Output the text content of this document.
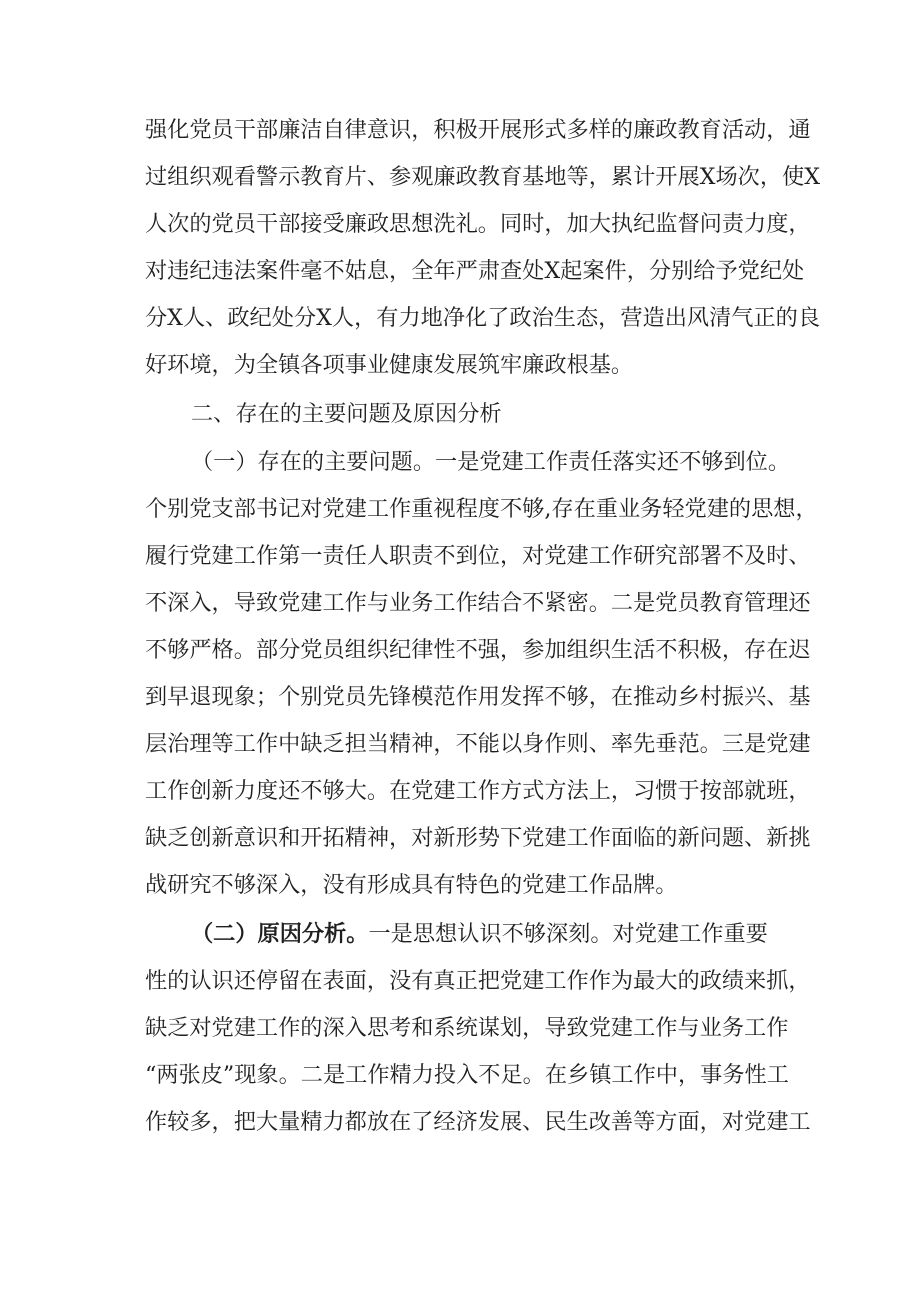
强化党员干部廉洁自律意识，积极开展形式多样的廉政教育活动，通
过组织观看警示教育片、参观廉政教育基地等，累计开展X场次，使X
人次的党员干部接受廉政思想洗礼。同时，加大执纪监督问责力度，
对违纪违法案件毫不姑息，全年严肃查处X起案件，分别给予党纪处
分X人、政纪处分X人，有力地净化了政治生态，营造出风清气正的良
好环境，为全镇各项事业健康发展筑牢廉政根基。
二、存在的主要问题及原因分析
（一）存在的主要问题。一是党建工作责任落实还不够到位。
个别党支部书记对党建工作重视程度不够,存在重业务轻党建的思想，
履行党建工作第一责任人职责不到位，对党建工作研究部署不及时、
不深入，导致党建工作与业务工作结合不紧密。二是党员教育管理还
不够严格。部分党员组织纪律性不强，参加组织生活不积极，存在迟
到早退现象；个别党员先锋模范作用发挥不够，在推动乡村振兴、基
层治理等工作中缺乏担当精神，不能以身作则、率先垂范。三是党建
工作创新力度还不够大。在党建工作方式方法上，习惯于按部就班，
缺乏创新意识和开拓精神，对新形势下党建工作面临的新问题、新挑
战研究不够深入，没有形成具有特色的党建工作品牌。
（二）原因分析。一是思想认识不够深刻。对党建工作重要
性的认识还停留在表面，没有真正把党建工作作为最大的政绩来抓，
缺乏对党建工作的深入思考和系统谋划，导致党建工作与业务工作
“两张皮”现象。二是工作精力投入不足。在乡镇工作中，事务性工
作较多，把大量精力都放在了经济发展、民生改善等方面，对党建工
